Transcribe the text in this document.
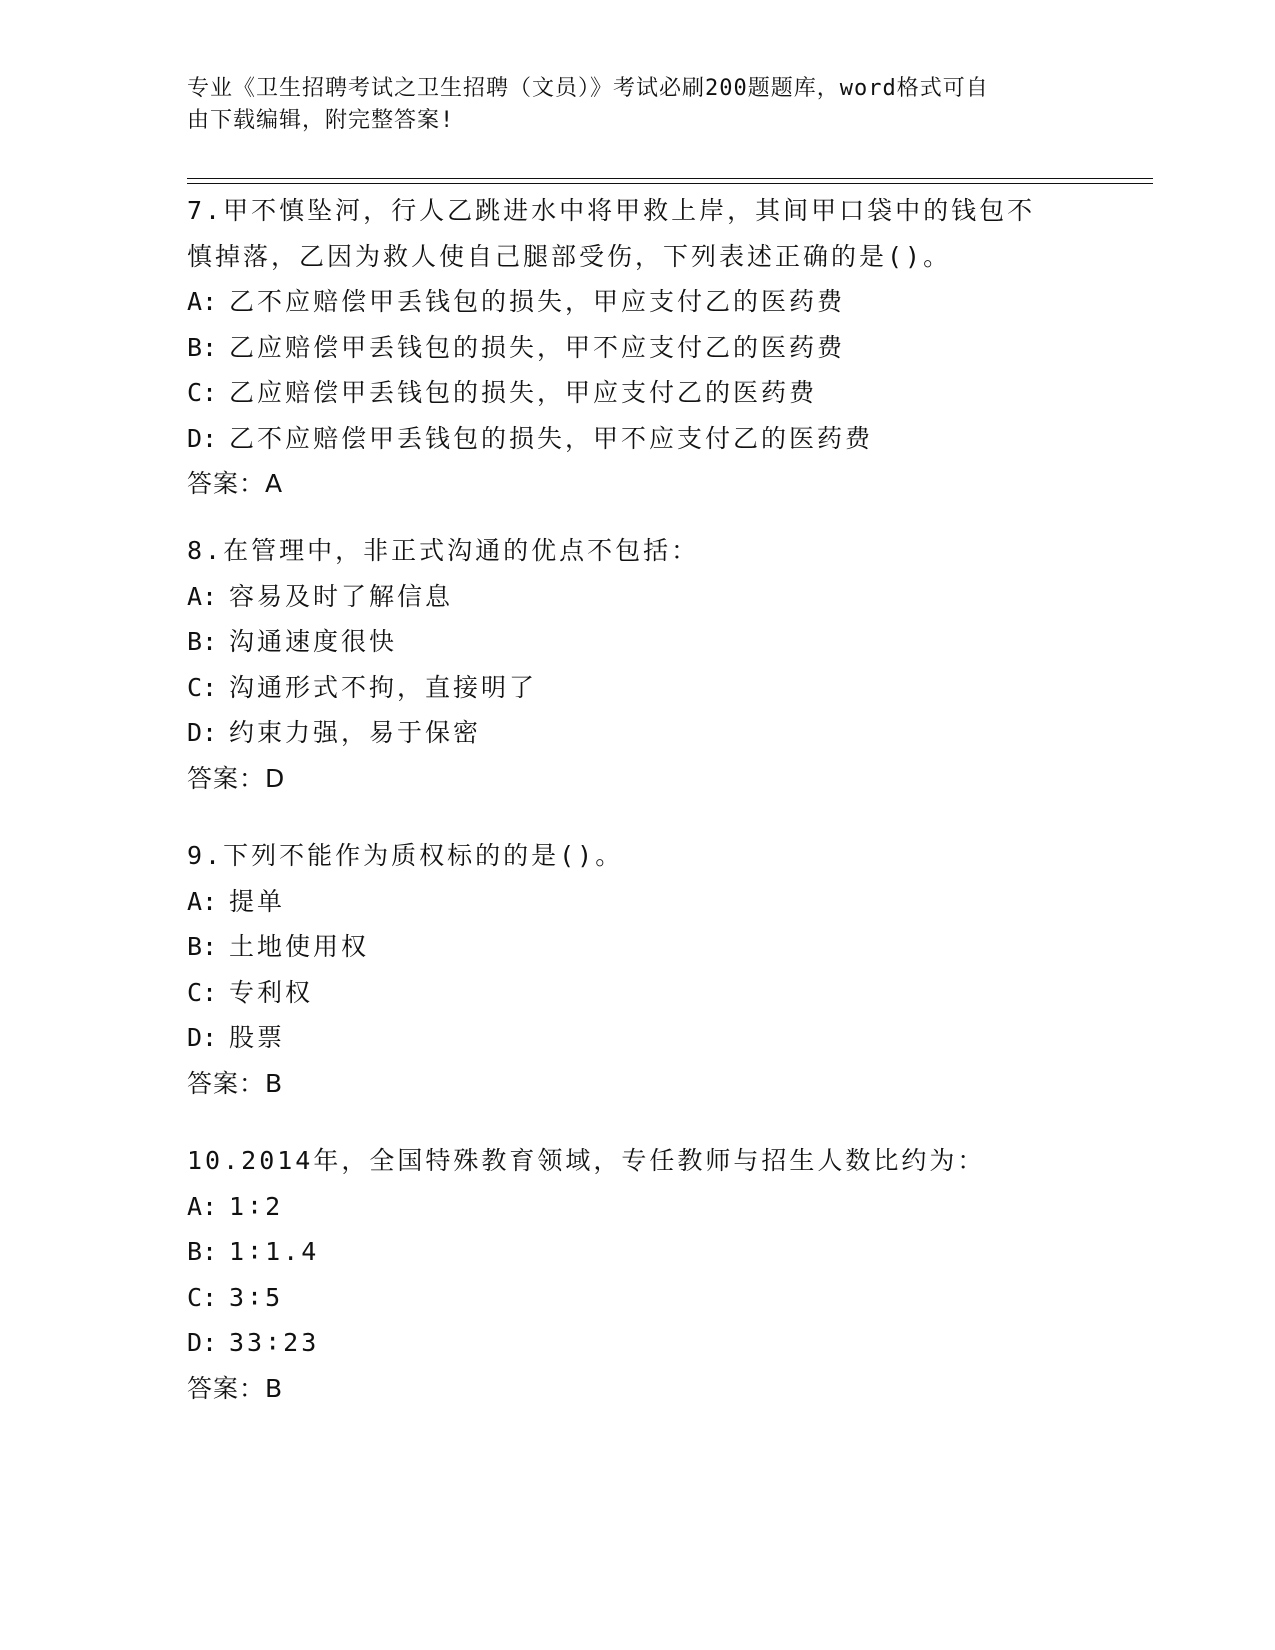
专业《卫生招聘考试之卫生招聘（文员）》考试必刷200题题库，word格式可自
由下载编辑，附完整答案!
7.甲不慎坠河，行人乙跳进水中将甲救上岸，其间甲口袋中的钱包不
慎掉落，乙因为救人使自己腿部受伤，下列表述正确的是()。
A: 乙不应赔偿甲丢钱包的损失，甲应支付乙的医药费
B: 乙应赔偿甲丢钱包的损失，甲不应支付乙的医药费
C: 乙应赔偿甲丢钱包的损失，甲应支付乙的医药费
D: 乙不应赔偿甲丢钱包的损失，甲不应支付乙的医药费
答案：A
8.在管理中，非正式沟通的优点不包括：
A: 容易及时了解信息
B: 沟通速度很快
C: 沟通形式不拘，直接明了
D: 约束力强，易于保密
答案：D
9.下列不能作为质权标的的是()。
A: 提单
B: 土地使用权
C: 专利权
D: 股票
答案：B
10.2014年，全国特殊教育领域，专任教师与招生人数比约为：
A: 1∶2
B: 1∶1.4
C: 3∶5
D: 33∶23
答案：B
